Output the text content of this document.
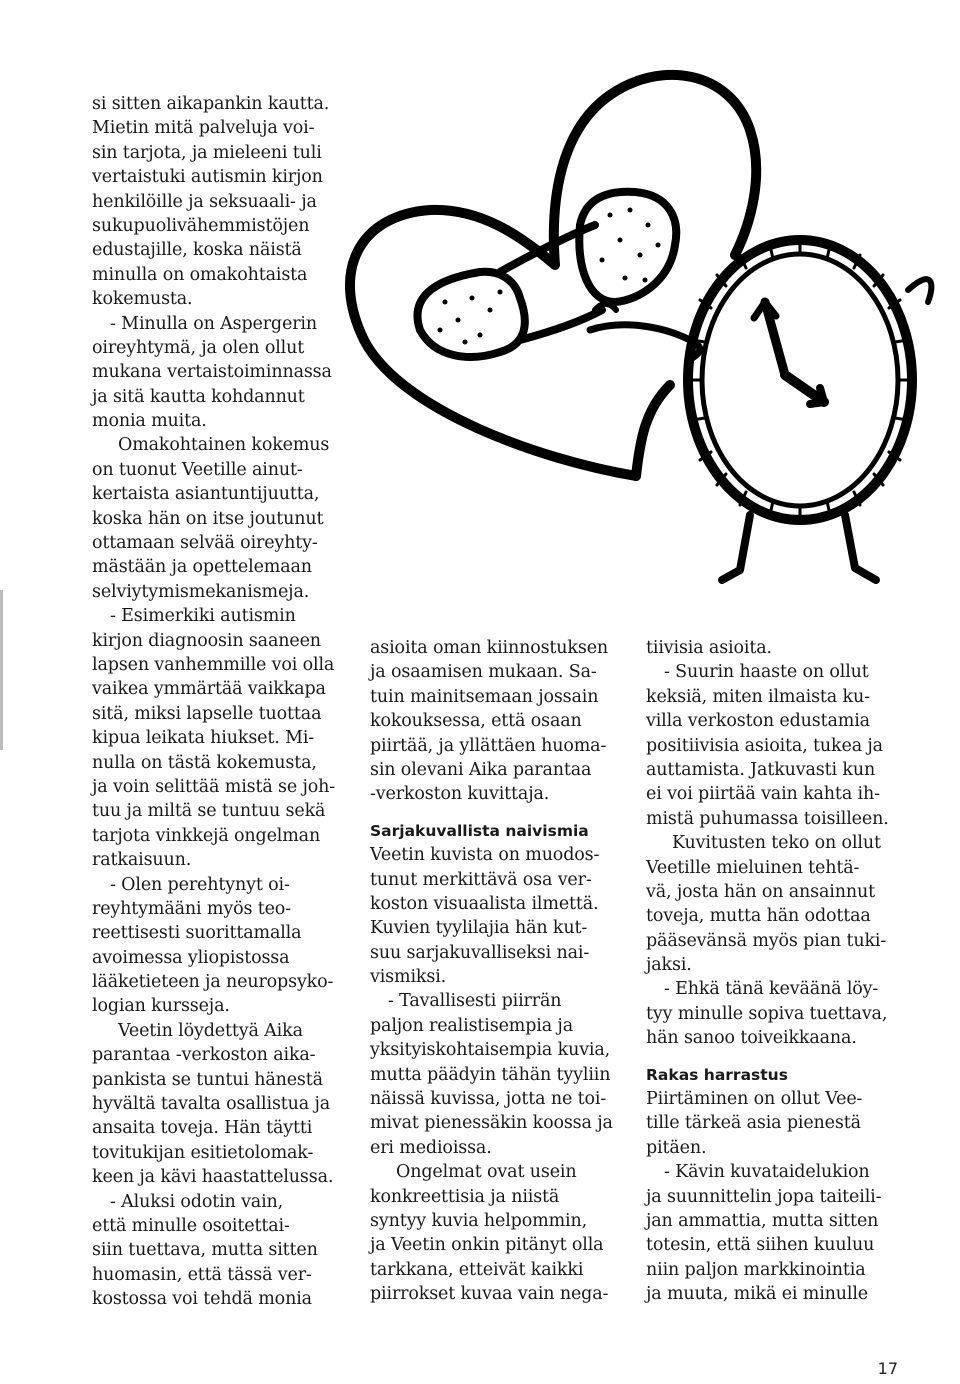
si sitten aikapankin kautta.
Mietin mitä palveluja voi-
sin tarjota, ja mieleeni tuli
vertaistuki autismin kirjon
henkilöille ja seksuaali- ja
sukupuolivähemmistöjen
edustajille, koska näistä
minulla on omakohtaista
kokemusta.
- Minulla on Aspergerin
oireyhtymä, ja olen ollut
mukana vertaistoiminnassa
ja sitä kautta kohdannut
monia muita.
Omakohtainen kokemus
on tuonut Veetille ainut-
kertaista asiantuntijuutta,
koska hän on itse joutunut
ottamaan selvää oireyhty-
mästään ja opettelemaan
selviytymismekanismeja.
- Esimerkiki autismin
kirjon diagnoosin saaneen
lapsen vanhemmille voi olla
vaikea ymmärtää vaikkapa
sitä, miksi lapselle tuottaa
kipua leikata hiukset. Mi-
nulla on tästä kokemusta,
ja voin selittää mistä se joh-
tuu ja miltä se tuntuu sekä
tarjota vinkkejä ongelman
ratkaisuun.
- Olen perehtynyt oi-
reyhtymääni myös teo-
reettisesti suorittamalla
avoimessa yliopistossa
lääketieteen ja neuropsyko-
logian kursseja.
Veetin löydettyä Aika
parantaa -verkoston aika-
pankista se tuntui hänestä
hyvältä tavalta osallistua ja
ansaita toveja. Hän täytti
tovitukijan esitietolomak-
keen ja kävi haastattelussa.
- Aluksi odotin vain,
että minulle osoitettai-
siin tuettava, mutta sitten
huomasin, että tässä ver-
kostossa voi tehdä monia
asioita oman kiinnostuksen
ja osaamisen mukaan. Sa-
tuin mainitsemaan jossain
kokouksessa, että osaan
piirtää, ja yllättäen huoma-
sin olevani Aika parantaa
-verkoston kuvittaja.
Sarjakuvallista naivismia
Veetin kuvista on muodos-
tunut merkittävä osa ver-
koston visuaalista ilmettä.
Kuvien tyylilajia hän kut-
suu sarjakuvalliseksi nai-
vismiksi.
- Tavallisesti piirrän
paljon realistisempia ja
yksityiskohtaisempia kuvia,
mutta päädyin tähän tyyliin
näissä kuvissa, jotta ne toi-
mivat pienessäkin koossa ja
eri medioissa.
Ongelmat ovat usein
konkreettisia ja niistä
syntyy kuvia helpommin,
ja Veetin onkin pitänyt olla
tarkkana, etteivät kaikki
piirrokset kuvaa vain nega-
tiivisia asioita.
- Suurin haaste on ollut
keksiä, miten ilmaista ku-
villa verkoston edustamia
positiivisia asioita, tukea ja
auttamista. Jatkuvasti kun
ei voi piirtää vain kahta ih-
mistä puhumassa toisilleen.
Kuvitusten teko on ollut
Veetille mieluinen tehtä-
vä, josta hän on ansainnut
toveja, mutta hän odottaa
pääsevänsä myös pian tuki-
jaksi.
- Ehkä tänä keväänä löy-
tyy minulle sopiva tuettava,
hän sanoo toiveikkaana.
Rakas harrastus
Piirtäminen on ollut Vee-
tille tärkeä asia pienestä
pitäen.
- Kävin kuvataidelukion
ja suunnittelin jopa taiteili-
jan ammattia, mutta sitten
totesin, että siihen kuuluu
niin paljon markkinointia
ja muuta, mikä ei minulle
17
